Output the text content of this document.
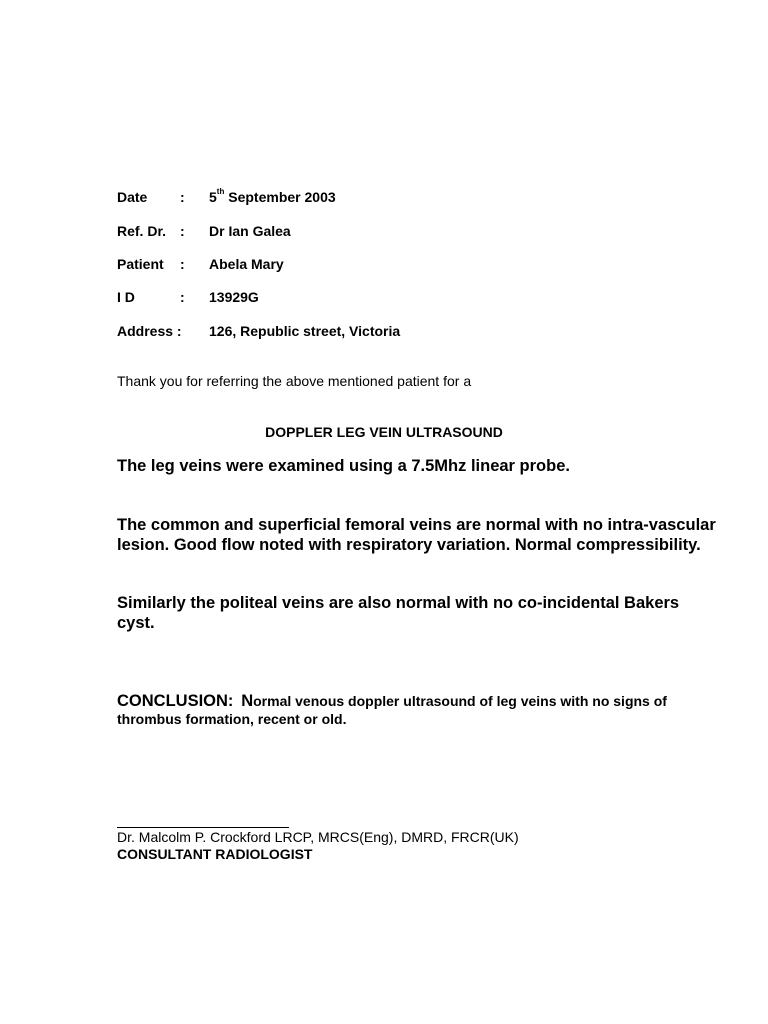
Date : 5th September 2003
Ref. Dr. : Dr Ian Galea
Patient : Abela Mary
I D	: 13929G
Address : 126, Republic street, Victoria
Thank you for referring the above mentioned patient for a
DOPPLER LEG VEIN ULTRASOUND
The leg veins were examined using a 7.5Mhz linear probe.
The common and superficial femoral veins are normal with no intra-vascular lesion. Good flow noted with respiratory variation. Normal compressibility.
Similarly the politeal veins are also normal with no co-incidental Bakers cyst.
CONCLUSION: Normal venous doppler ultrasound of leg veins with no signs of thrombus formation, recent or old.
Dr. Malcolm P. Crockford LRCP, MRCS(Eng), DMRD, FRCR(UK)
CONSULTANT RADIOLOGIST
